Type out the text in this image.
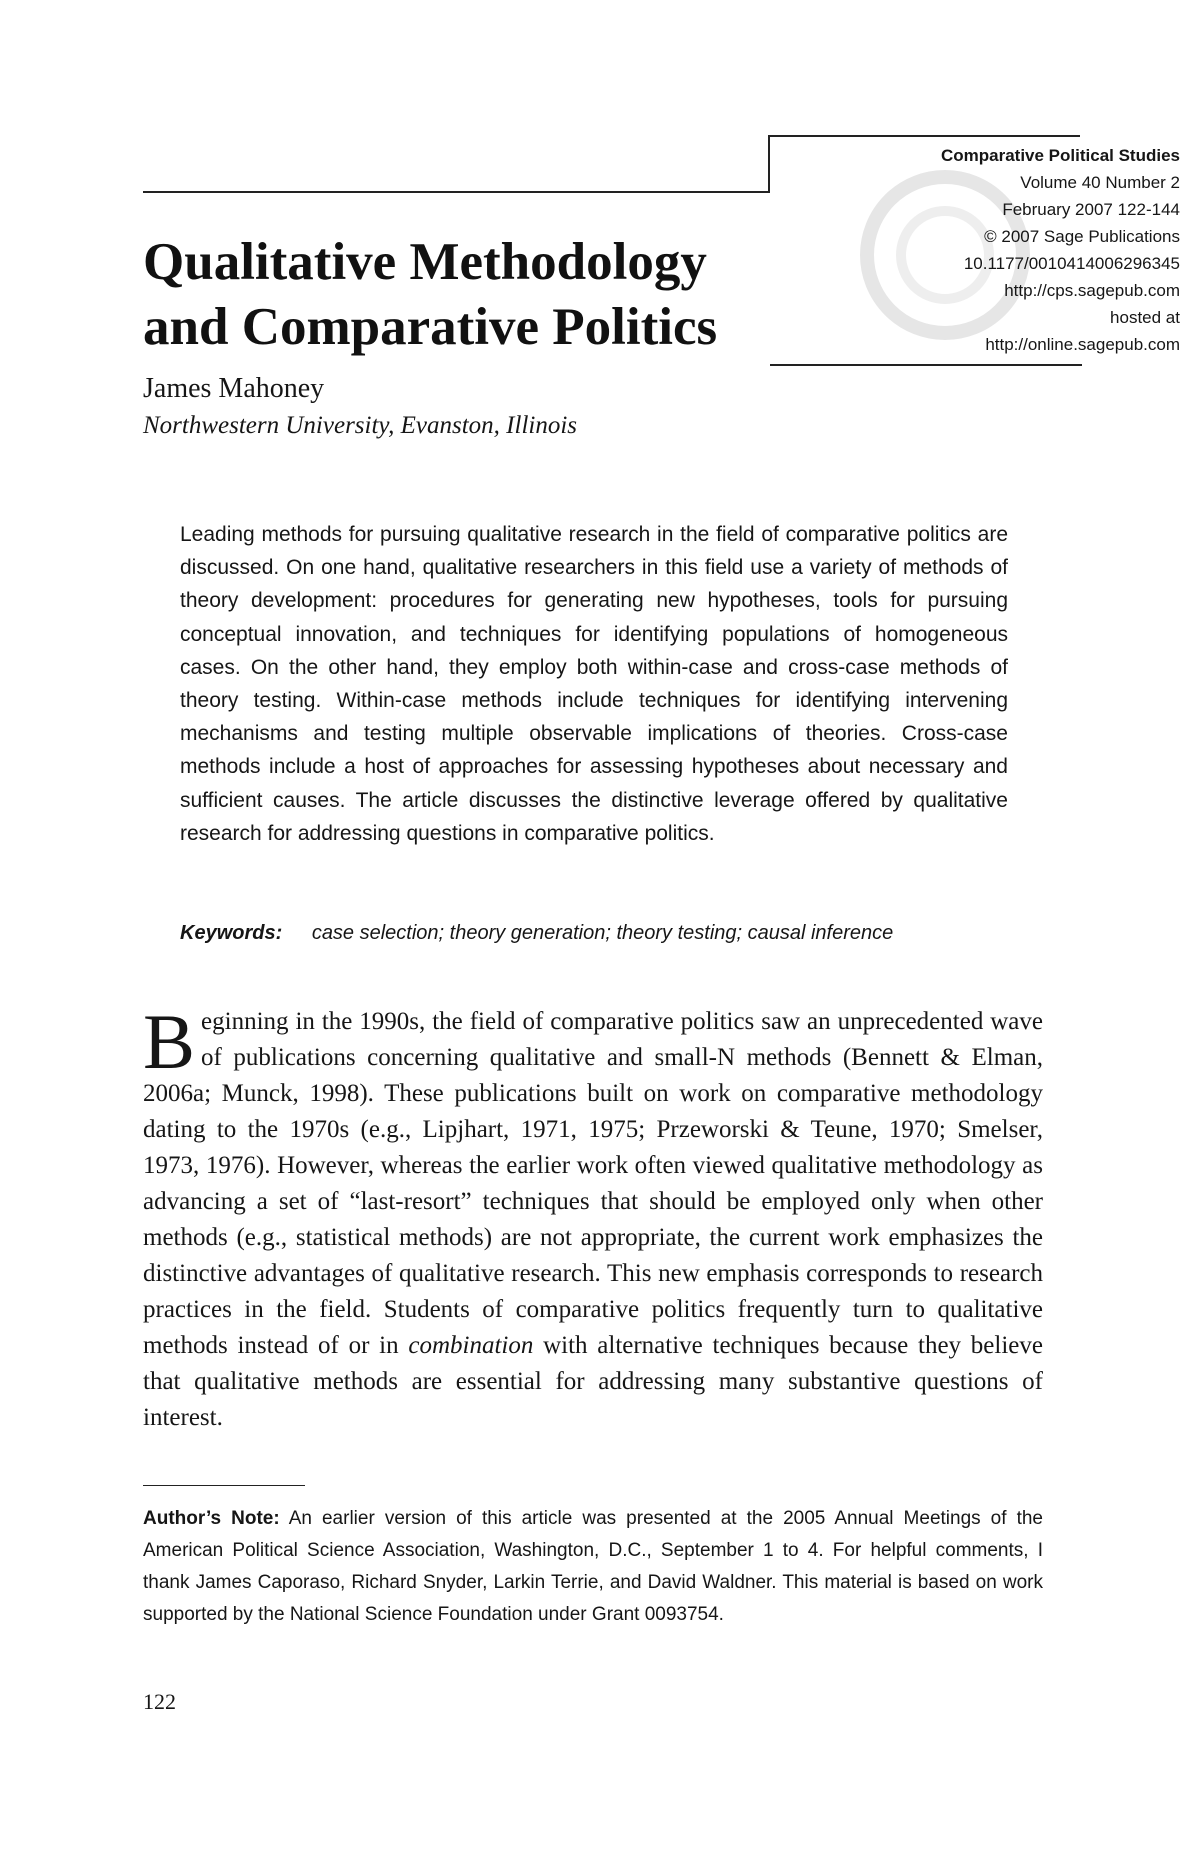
Comparative Political Studies
Volume 40 Number 2
February 2007 122-144
© 2007 Sage Publications
10.1177/0010414006296345
http://cps.sagepub.com
hosted at
http://online.sagepub.com
Qualitative Methodology
and Comparative Politics
James Mahoney
Northwestern University, Evanston, Illinois

Leading methods for pursuing qualitative research in the field of comparative politics are discussed. On one hand, qualitative researchers in this field use a variety of methods of theory development: procedures for generating new hypotheses, tools for pursuing conceptual innovation, and techniques for identifying populations of homogeneous cases. On the other hand, they employ both within-case and cross-case methods of theory testing. Within-case methods include techniques for identifying intervening mechanisms and testing multiple observable implications of theories. Cross-case methods include a host of approaches for assessing hypotheses about necessary and sufficient causes. The article discusses the distinctive leverage offered by qualitative research for addressing questions in comparative politics.

Keywords: case selection; theory generation; theory testing; causal inference

Beginning in the 1990s, the field of comparative politics saw an unprecedented wave of publications concerning qualitative and small-N methods (Bennett & Elman, 2006a; Munck, 1998). These publications built on work on comparative methodology dating to the 1970s (e.g., Lipjhart, 1971, 1975; Przeworski & Teune, 1970; Smelser, 1973, 1976). However, whereas the earlier work often viewed qualitative methodology as advancing a set of “last-resort” techniques that should be employed only when other methods (e.g., statistical methods) are not appropriate, the current work emphasizes the distinctive advantages of qualitative research. This new emphasis corresponds to research practices in the field. Students of comparative politics frequently turn to qualitative methods instead of or in combination with alternative techniques because they believe that qualitative methods are essential for addressing many substantive questions of interest.

Author’s Note: An earlier version of this article was presented at the 2005 Annual Meetings of the American Political Science Association, Washington, D.C., September 1 to 4. For helpful comments, I thank James Caporaso, Richard Snyder, Larkin Terrie, and David Waldner. This material is based on work supported by the National Science Foundation under Grant 0093754.

122
